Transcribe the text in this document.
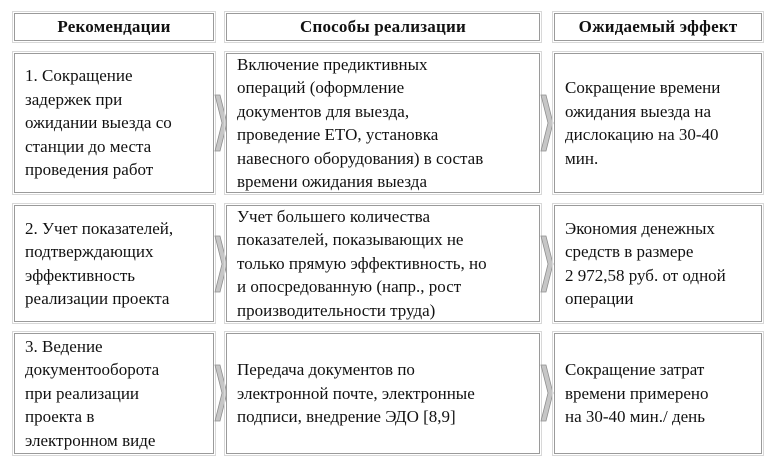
Рекомендации	Способы реализации	Ожидаемый эффект
1. Сокращение
задержек при
ожидании выезда со
станции до места
проведения работ
Включение предиктивных
операций (оформление
документов для выезда,
проведение ЕТО, установка
навесного оборудования) в состав
времени ожидания выезда
Сокращение времени
ожидания выезда на
дислокацию на 30-40
мин.
2. Учет показателей,
подтверждающих
эффективность
реализации проекта
Учет большего количества
показателей, показывающих не
только прямую эффективность, но
и опосредованную (напр., рост
производительности труда)
Экономия денежных
средств в размере
2 972,58 руб. от одной
операции
3. Ведение
документооборота
при реализации
проекта в
электронном виде
Передача документов по
электронной почте, электронные
подписи, внедрение ЭДО [8,9]
Сокращение затрат
времени примерено
на 30-40 мин./ день
